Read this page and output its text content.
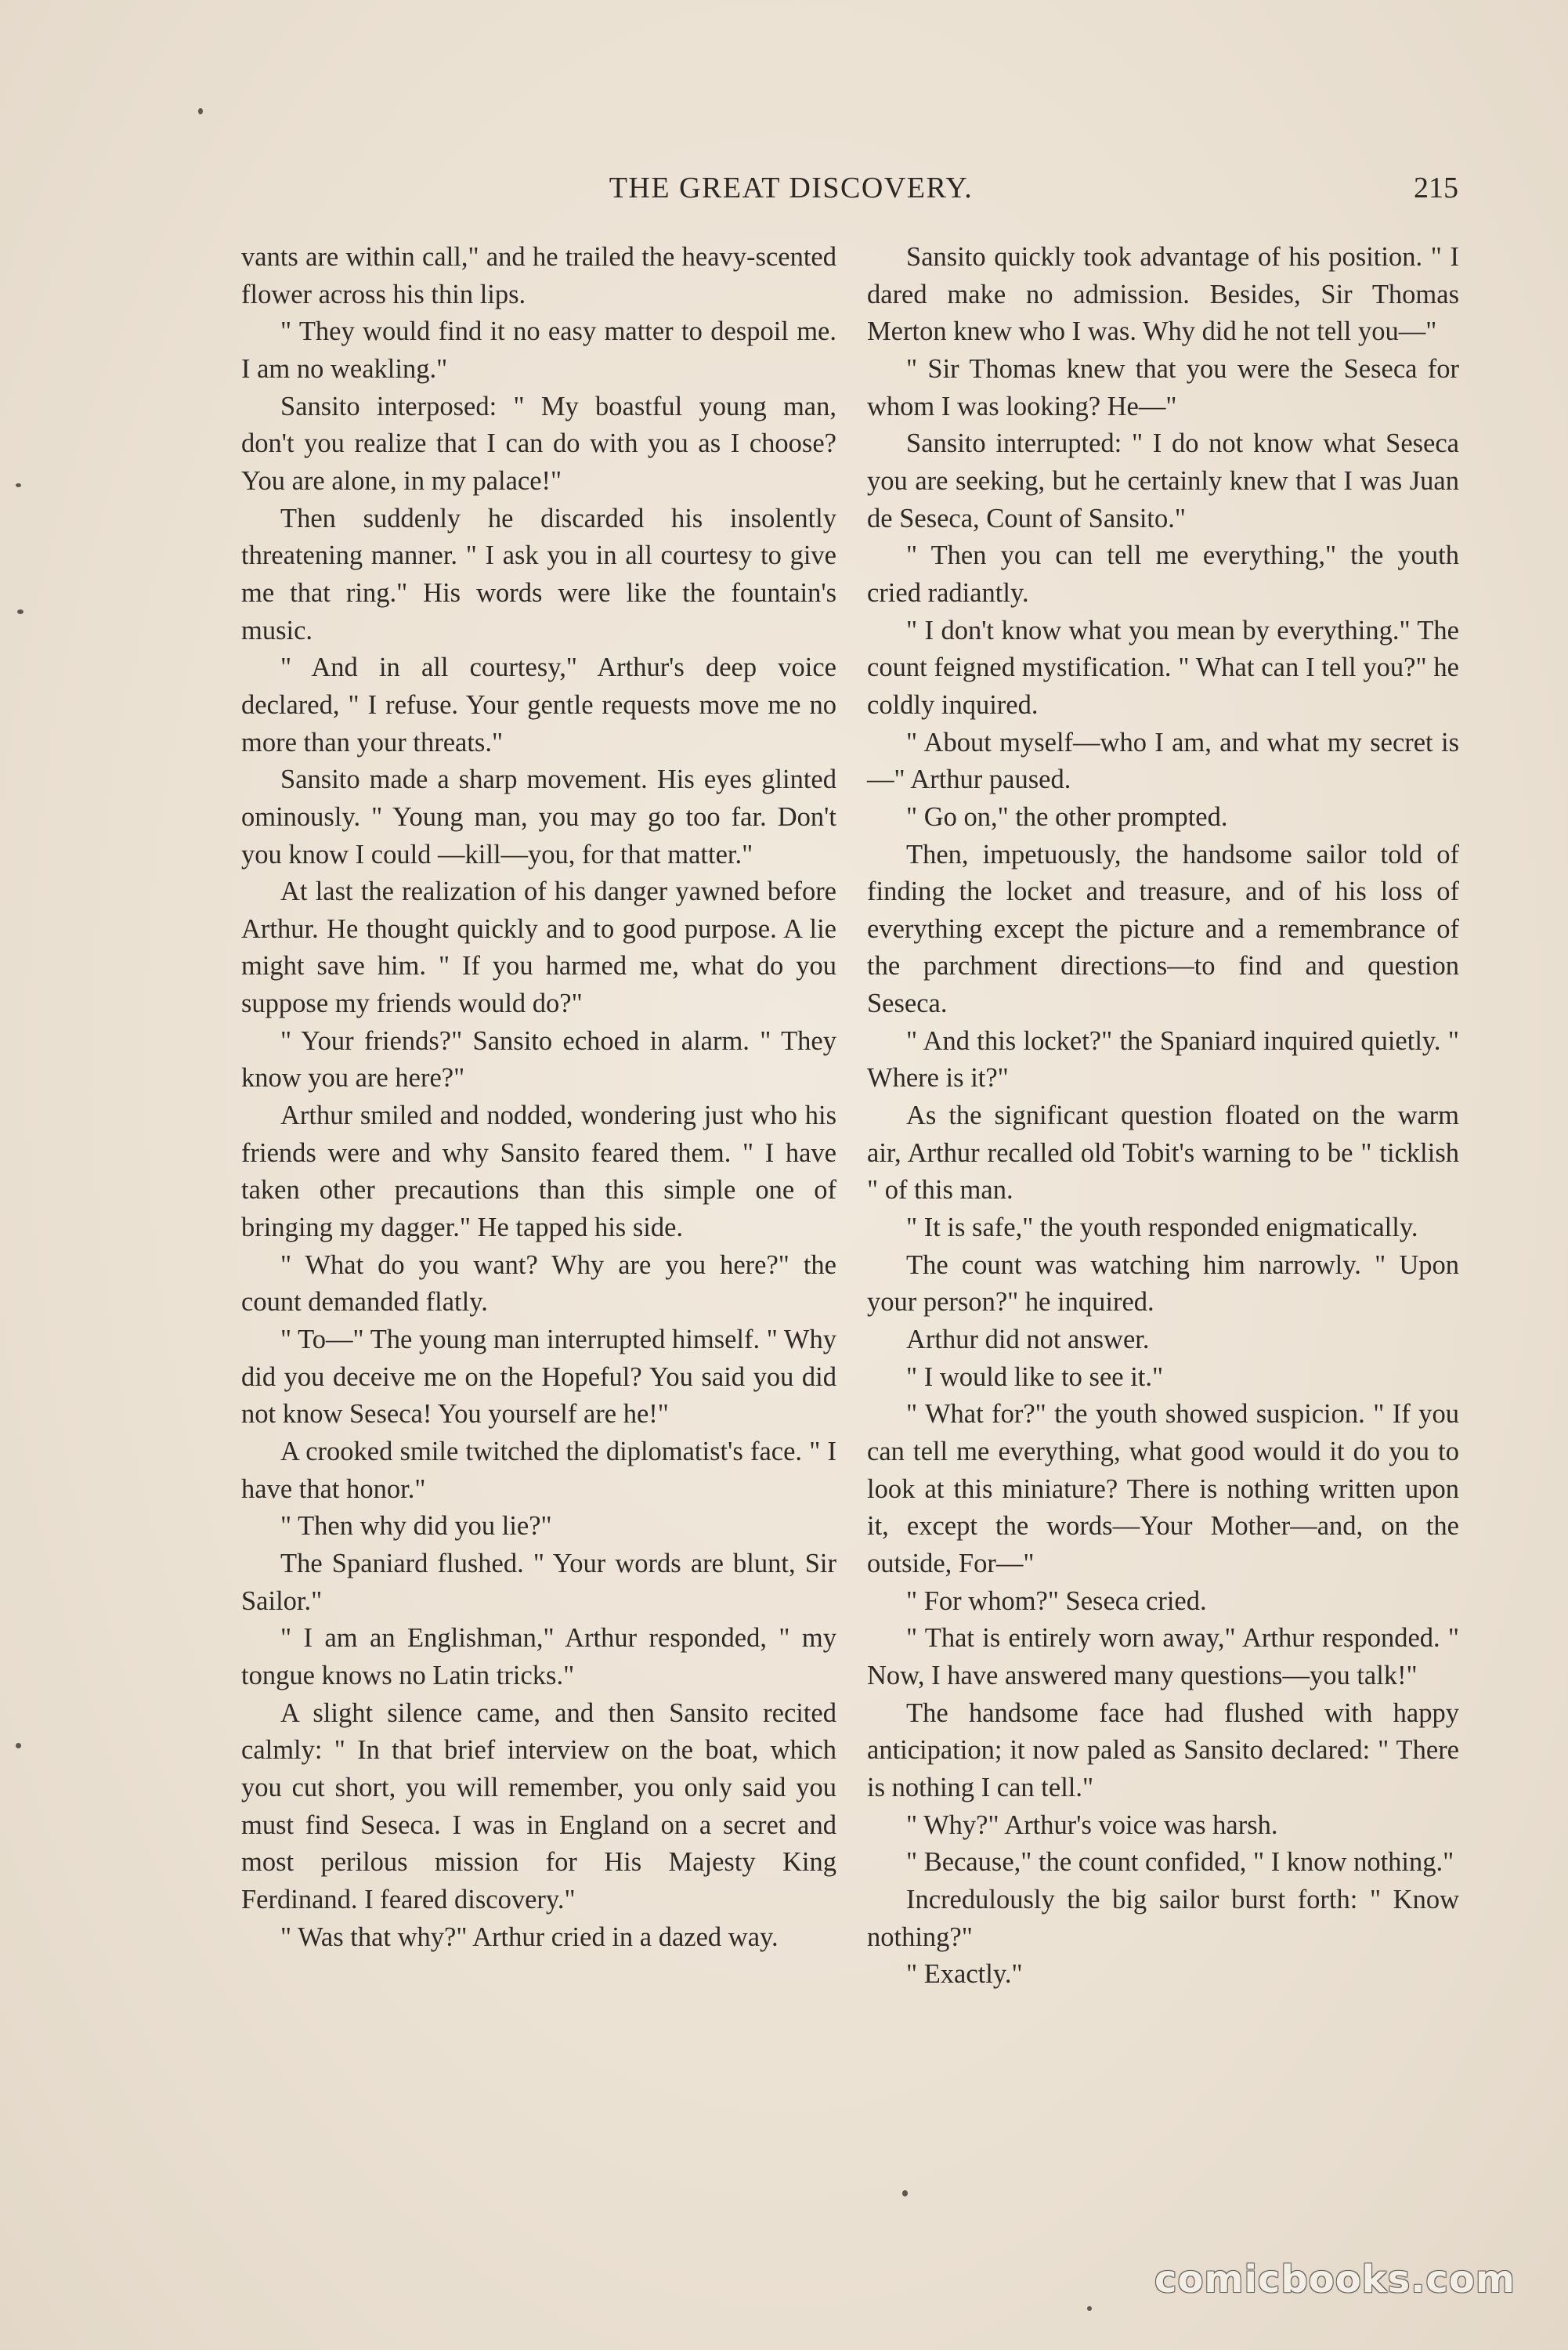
THE GREAT DISCOVERY.	215

vants are within call," and he trailed the heavy-scented flower across his thin lips.

" They would find it no easy matter to despoil me. I am no weakling."

Sansito interposed: " My boastful young man, don't you realize that I can do with you as I choose? You are alone, in my palace!"

Then suddenly he discarded his insolently threatening manner. " I ask you in all courtesy to give me that ring." His words were like the fountain's music.

" And in all courtesy," Arthur's deep voice declared, " I refuse. Your gentle requests move me no more than your threats."

Sansito made a sharp movement. His eyes glinted ominously. " Young man, you may go too far. Don't you know I could —kill—you, for that matter."

At last the realization of his danger yawned before Arthur. He thought quickly and to good purpose. A lie might save him. " If you harmed me, what do you suppose my friends would do?"

" Your friends?" Sansito echoed in alarm. " They know you are here?"

Arthur smiled and nodded, wondering just who his friends were and why Sansito feared them. " I have taken other precautions than this simple one of bringing my dagger." He tapped his side.

" What do you want? Why are you here?" the count demanded flatly.

" To—" The young man interrupted himself. " Why did you deceive me on the Hopeful? You said you did not know Seseca! You yourself are he!"

A crooked smile twitched the diplomatist's face. " I have that honor."

" Then why did you lie?"

The Spaniard flushed. " Your words are blunt, Sir Sailor."

" I am an Englishman," Arthur responded, " my tongue knows no Latin tricks."

A slight silence came, and then Sansito recited calmly: " In that brief interview on the boat, which you cut short, you will remember, you only said you must find Seseca. I was in England on a secret and most perilous mission for His Majesty King Ferdinand. I feared discovery."

" Was that why?" Arthur cried in a dazed way.

Sansito quickly took advantage of his position. " I dared make no admission. Besides, Sir Thomas Merton knew who I was. Why did he not tell you—"

" Sir Thomas knew that you were the Seseca for whom I was looking? He—"

Sansito interrupted: " I do not know what Seseca you are seeking, but he certainly knew that I was Juan de Seseca, Count of Sansito."

" Then you can tell me everything," the youth cried radiantly.

" I don't know what you mean by everything." The count feigned mystification. " What can I tell you?" he coldly inquired.

" About myself—who I am, and what my secret is—" Arthur paused.

" Go on," the other prompted.

Then, impetuously, the handsome sailor told of finding the locket and treasure, and of his loss of everything except the picture and a remembrance of the parchment directions—to find and question Seseca.

" And this locket?" the Spaniard inquired quietly. " Where is it?"

As the significant question floated on the warm air, Arthur recalled old Tobit's warning to be " ticklish " of this man.

" It is safe," the youth responded enigmatically.

The count was watching him narrowly. " Upon your person?" he inquired.

Arthur did not answer.

" I would like to see it."

" What for?" the youth showed suspicion. " If you can tell me everything, what good would it do you to look at this miniature? There is nothing written upon it, except the words—Your Mother—and, on the outside, For—"

" For whom?" Seseca cried.

" That is entirely worn away," Arthur responded. " Now, I have answered many questions—you talk!"

The handsome face had flushed with happy anticipation; it now paled as Sansito declared: " There is nothing I can tell."

" Why?" Arthur's voice was harsh.

" Because," the count confided, " I know nothing."

Incredulously the big sailor burst forth: " Know nothing?"

" Exactly."

comicbooks.com
